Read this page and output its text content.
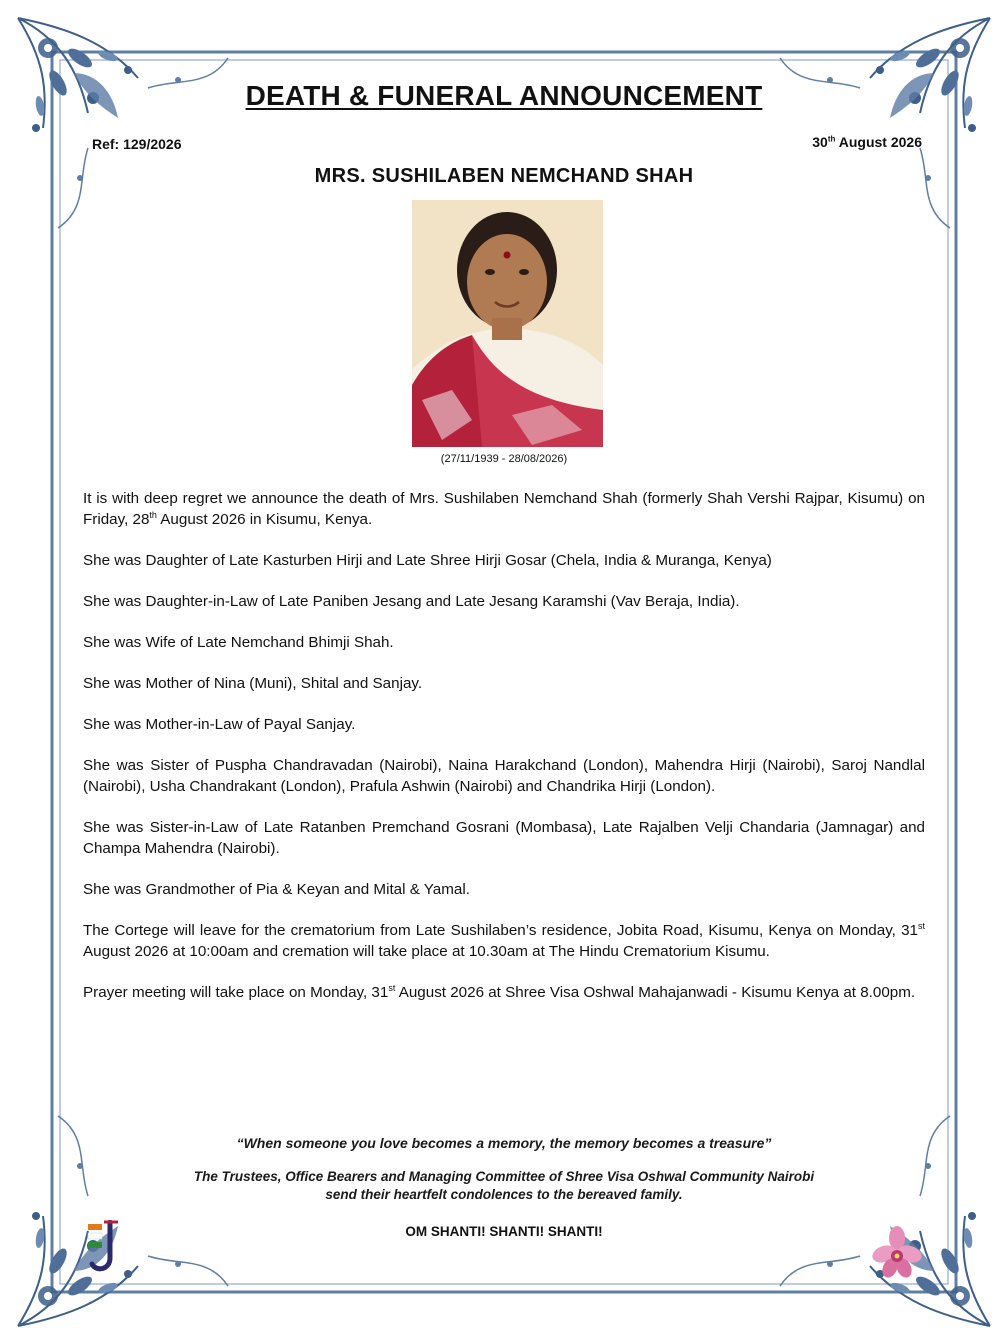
DEATH & FUNERAL ANNOUNCEMENT
Ref: 129/2026	30th August 2026
MRS. SUSHILABEN NEMCHAND SHAH
(27/11/1939 - 28/08/2026)

It is with deep regret we announce the death of Mrs. Sushilaben Nemchand Shah (formerly Shah Vershi Rajpar, Kisumu) on Friday, 28th August 2026 in Kisumu, Kenya.

She was Daughter of Late Kasturben Hirji and Late Shree Hirji Gosar (Chela, India & Muranga, Kenya)

She was Daughter-in-Law of Late Paniben Jesang and Late Jesang Karamshi (Vav Beraja, India).

She was Wife of Late Nemchand Bhimji Shah.

She was Mother of Nina (Muni), Shital and Sanjay.

She was Mother-in-Law of Payal Sanjay.

She was Sister of Puspha Chandravadan (Nairobi), Naina Harakchand (London), Mahendra Hirji (Nairobi), Saroj Nandlal (Nairobi), Usha Chandrakant (London), Prafula Ashwin (Nairobi) and Chandrika Hirji (London).

She was Sister-in-Law of Late Ratanben Premchand Gosrani (Mombasa), Late Rajalben Velji Chandaria (Jamnagar) and Champa Mahendra (Nairobi).

She was Grandmother of Pia & Keyan and Mital & Yamal.

The Cortege will leave for the crematorium from Late Sushilaben’s residence, Jobita Road, Kisumu, Kenya on Monday, 31st August 2026 at 10:00am and cremation will take place at 10.30am at The Hindu Crematorium Kisumu.

Prayer meeting will take place on Monday, 31st August 2026 at Shree Visa Oshwal Mahajanwadi - Kisumu Kenya at 8.00pm.

“When someone you love becomes a memory, the memory becomes a treasure”
The Trustees, Office Bearers and Managing Committee of Shree Visa Oshwal Community Nairobi
send their heartfelt condolences to the bereaved family.
OM SHANTI! SHANTI! SHANTI!
